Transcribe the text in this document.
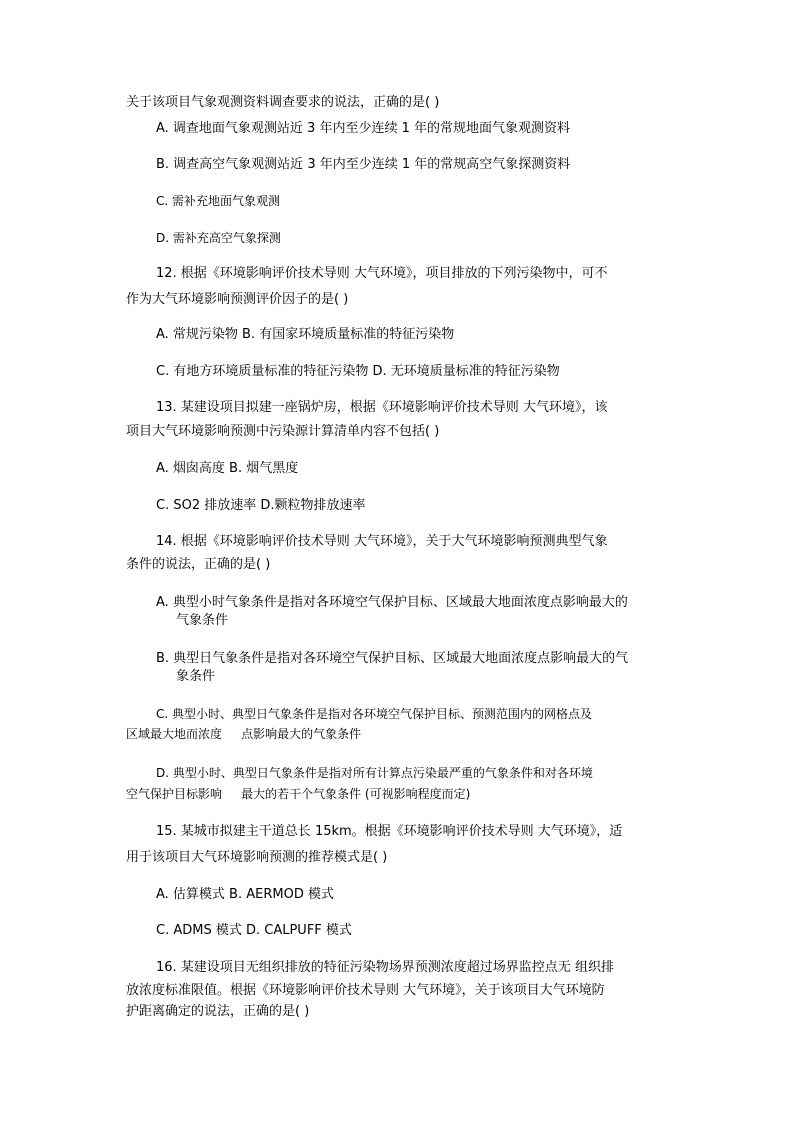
关于该项目气象观测资料调查要求的说法，正确的是( )
A. 调查地面气象观测站近 3 年内至少连续 1 年的常规地面气象观测资料
B. 调查高空气象观测站近 3 年内至少连续 1 年的常规高空气象探测资料
C. 需补充地面气象观测
D. 需补充高空气象探测
12. 根据《环境影响评价技术导则 大气环境》，项目排放的下列污染物中，可不
作为大气环境影响预测评价因子的是( )
A. 常规污染物 B. 有国家环境质量标准的特征污染物
C. 有地方环境质量标准的特征污染物 D. 无环境质量标准的特征污染物
13. 某建设项目拟建一座锅炉房，根据《环境影响评价技术导则 大气环境》，该
项目大气环境影响预测中污染源计算清单内容不包括( )
A. 烟囱高度 B. 烟气黑度
C. SO2 排放速率 D.颗粒物排放速率
14. 根据《环境影响评价技术导则 大气环境》，关于大气环境影响预测典型气象
条件的说法，正确的是( )
A. 典型小时气象条件是指对各环境空气保护目标、区域最大地面浓度点影响最大的
气象条件
B. 典型日气象条件是指对各环境空气保护目标、区域最大地面浓度点影响最大的气
象条件
C. 典型小时、典型日气象条件是指对各环境空气保护目标、预测范围内的网格点及
区域最大地而浓度     点影响最大的气象条件
D. 典型小时、典型日气象条件是指对所有计算点污染最严重的气象条件和对各环境
空气保护目标影响     最大的若干个气象条件 (可视影响程度而定)
15. 某城市拟建主干道总长 15km。根据《环境影响评价技术导则 大气环境》，适
用于该项目大气环境影响预测的推荐模式是( )
A. 估算模式 B. AERMOD 模式
C. ADMS 模式 D. CALPUFF 模式
16. 某建设项目无组织排放的特征污染物场界预测浓度超过场界监控点无 组织排
放浓度标准限值。根据《环境影响评价技术导则 大气环境》，关于该项目大气环境防
护距离确定的说法，正确的是( )
